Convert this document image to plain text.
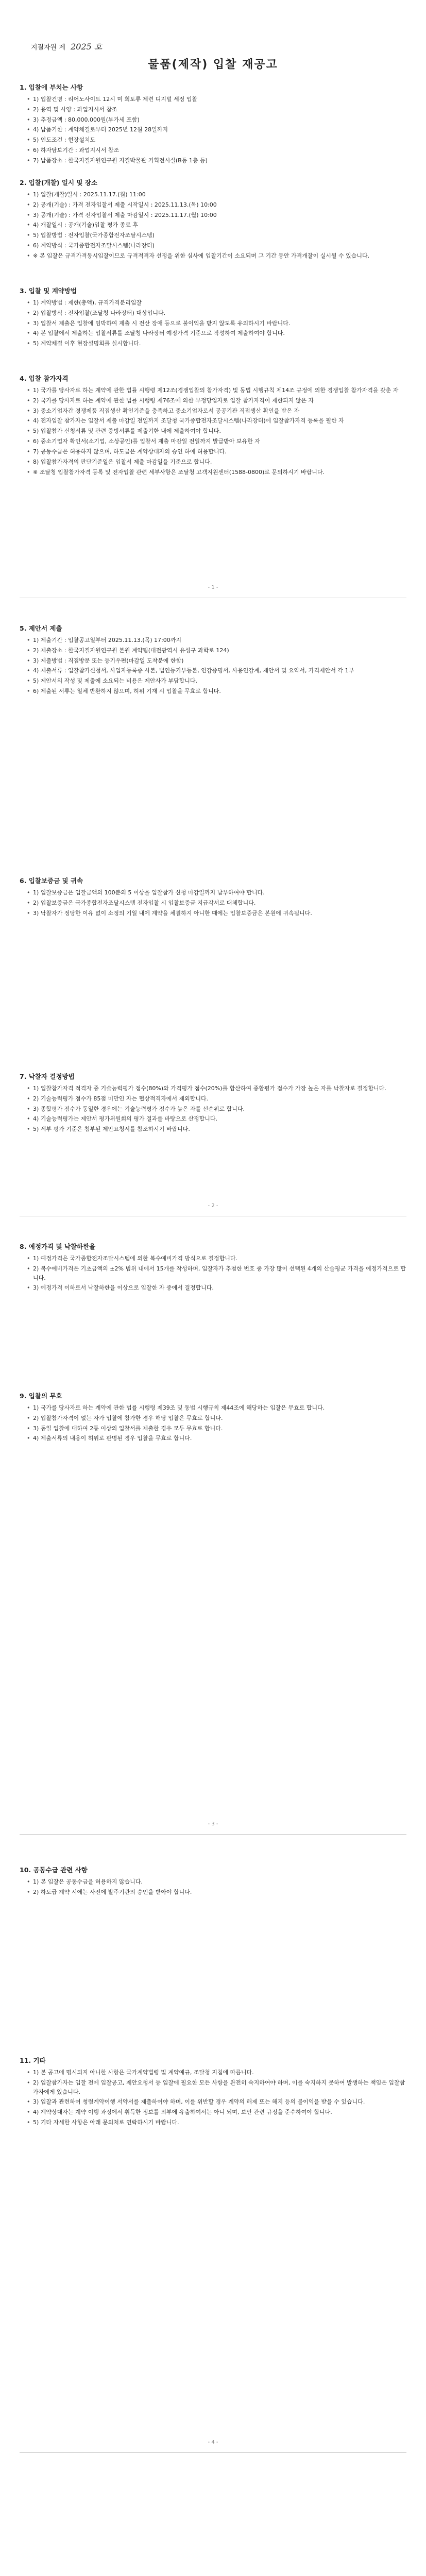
지질자원 제 2025 호
물품(제작) 입찰 재공고
1. 입찰에 부치는 사항
• 1) 입찰건명 : 리어노사이트 12시 미 희토류 제련 디지털 세정 입찰
• 2) 용역 및 사양 : 과업지시서 참조
• 3) 추정금액 : 80,000,000원(부가세 포함)
• 4) 납품기한 : 계약체결로부터 2025년 12월 28일까지
• 5) 인도조건 : 현장설치도
• 6) 하자담보기간 : 과업지시서 참조
• 7) 납품장소 : 한국지질자원연구원 지질박물관 기획전시실(B동 1층 등)
2. 입찰(개찰) 일시 및 장소
• 1) 입찰(개찰)일시 : 2025.11.17.(월) 11:00
• 2) 공개(기술) : 가격 전자입찰서 제출 시작일시 : 2025.11.13.(목) 10:00
• 3) 공개(기술) : 가격 전자입찰서 제출 마감일시 : 2025.11.17.(월) 10:00
• 4) 개찰일시 : 공개(기술)입찰 평가 종료 후
• 5) 입찰방법 : 전자입찰(국가종합전자조달시스템)
• 6) 계약방식 : 국가종합전자조달시스템(나라장터)
• ※ 본 입찰은 규격가격동시입찰이므로 규격적격자 선정을 위한 심사에 입찰기간이 소요되며 그 기간 동안 가격개찰이 실시될 수 있습니다.
3. 입찰 및 계약방법
• 1) 계약방법 : 제한(총액), 규격가격분리입찰
• 2) 입찰방식 : 전자입찰(조달청 나라장터) 대상입니다.
• 3) 입찰서 제출은 입찰에 임박하여 제출 시 전산 장애 등으로 불이익을 받지 않도록 유의하시기 바랍니다.
• 4) 본 입찰에서 제출하는 입찰서류를 조달청 나라장터 예정가격 기준으로 작성하여 제출하여야 합니다.
• 5) 계약체결 이후 현장설명회를 실시합니다.
4. 입찰 참가자격
• 1) 국가를 당사자로 하는 계약에 관한 법률 시행령 제12조(경쟁입찰의 참가자격) 및 동법 시행규칙 제14조 규정에 의한 경쟁입찰 참가자격을 갖춘 자
• 2) 국가를 당사자로 하는 계약에 관한 법률 시행령 제76조에 의한 부정당업자로 입찰 참가자격이 제한되지 않은 자
• 3) 중소기업자간 경쟁제품 직접생산 확인기준을 충족하고 중소기업자로서 공공기관 직접생산 확인을 받은 자
• 4) 전자입찰 참가자는 입찰서 제출 마감일 전일까지 조달청 국가종합전자조달시스템(나라장터)에 입찰참가자격 등록을 필한 자
• 5) 입찰참가 신청서류 및 관련 증빙서류를 제출기한 내에 제출하여야 합니다.
• 6) 중소기업자 확인서(소기업, 소상공인)를 입찰서 제출 마감일 전일까지 발급받아 보유한 자
• 7) 공동수급은 허용하지 않으며, 하도급은 계약상대자의 승인 하에 허용합니다.
• 8) 입찰참가자격의 판단기준일은 입찰서 제출 마감일을 기준으로 합니다.
• ※ 조달청 입찰참가자격 등록 및 전자입찰 관련 세부사항은 조달청 고객지원센터(1588-0800)로 문의하시기 바랍니다.
- 1 -
5. 제안서 제출
• 1) 제출기간 : 입찰공고일부터 2025.11.13.(목) 17:00까지
• 2) 제출장소 : 한국지질자원연구원 본원 계약팀(대전광역시 유성구 과학로 124)
• 3) 제출방법 : 직접방문 또는 등기우편(마감일 도착분에 한함)
• 4) 제출서류 : 입찰참가신청서, 사업자등록증 사본, 법인등기부등본, 인감증명서, 사용인감계, 제안서 및 요약서, 가격제안서 각 1부
• 5) 제안서의 작성 및 제출에 소요되는 비용은 제안사가 부담합니다.
• 6) 제출된 서류는 일체 반환하지 않으며, 허위 기재 시 입찰을 무효로 합니다.
6. 입찰보증금 및 귀속
• 1) 입찰보증금은 입찰금액의 100분의 5 이상을 입찰참가 신청 마감일까지 납부하여야 합니다.
• 2) 입찰보증금은 국가종합전자조달시스템 전자입찰 시 입찰보증금 지급각서로 대체합니다.
• 3) 낙찰자가 정당한 이유 없이 소정의 기일 내에 계약을 체결하지 아니한 때에는 입찰보증금은 본원에 귀속됩니다.
7. 낙찰자 결정방법
• 1) 입찰참가자격 적격자 중 기술능력평가 점수(80%)와 가격평가 점수(20%)를 합산하여 종합평가 점수가 가장 높은 자를 낙찰자로 결정합니다.
• 2) 기술능력평가 점수가 85점 미만인 자는 협상적격자에서 제외합니다.
• 3) 종합평가 점수가 동일한 경우에는 기술능력평가 점수가 높은 자를 선순위로 합니다.
• 4) 기술능력평가는 제안서 평가위원회의 평가 결과를 바탕으로 산정합니다.
• 5) 세부 평가 기준은 첨부된 제안요청서를 참조하시기 바랍니다.
- 2 -
8. 예정가격 및 낙찰하한율
• 1) 예정가격은 국가종합전자조달시스템에 의한 복수예비가격 방식으로 결정합니다.
• 2) 복수예비가격은 기초금액의 ±2% 범위 내에서 15개를 작성하며, 입찰자가 추첨한 번호 중 가장 많이 선택된 4개의 산술평균 가격을 예정가격으로 합니다.
• 3) 예정가격 이하로서 낙찰하한율 이상으로 입찰한 자 중에서 결정합니다.
9. 입찰의 무효
• 1) 국가를 당사자로 하는 계약에 관한 법률 시행령 제39조 및 동법 시행규칙 제44조에 해당하는 입찰은 무효로 합니다.
• 2) 입찰참가자격이 없는 자가 입찰에 참가한 경우 해당 입찰은 무효로 합니다.
• 3) 동일 입찰에 대하여 2통 이상의 입찰서를 제출한 경우 모두 무효로 합니다.
• 4) 제출서류의 내용이 허위로 판명된 경우 입찰을 무효로 합니다.
- 3 -
10. 공동수급 관련 사항
• 1) 본 입찰은 공동수급을 허용하지 않습니다.
• 2) 하도급 계약 시에는 사전에 발주기관의 승인을 받아야 합니다.
11. 기타
• 1) 본 공고에 명시되지 아니한 사항은 국가계약법령 및 계약예규, 조달청 지침에 따릅니다.
• 2) 입찰참가자는 입찰 전에 입찰공고, 제안요청서 등 입찰에 필요한 모든 사항을 완전히 숙지하여야 하며, 이를 숙지하지 못하여 발생하는 책임은 입찰참가자에게 있습니다.
• 3) 입찰과 관련하여 청렴계약이행 서약서를 제출하여야 하며, 이를 위반할 경우 계약의 해제 또는 해지 등의 불이익을 받을 수 있습니다.
• 4) 계약상대자는 계약 이행 과정에서 취득한 정보를 외부에 유출하여서는 아니 되며, 보안 관련 규정을 준수하여야 합니다.
• 5) 기타 자세한 사항은 아래 문의처로 연락하시기 바랍니다.
- 4 -
